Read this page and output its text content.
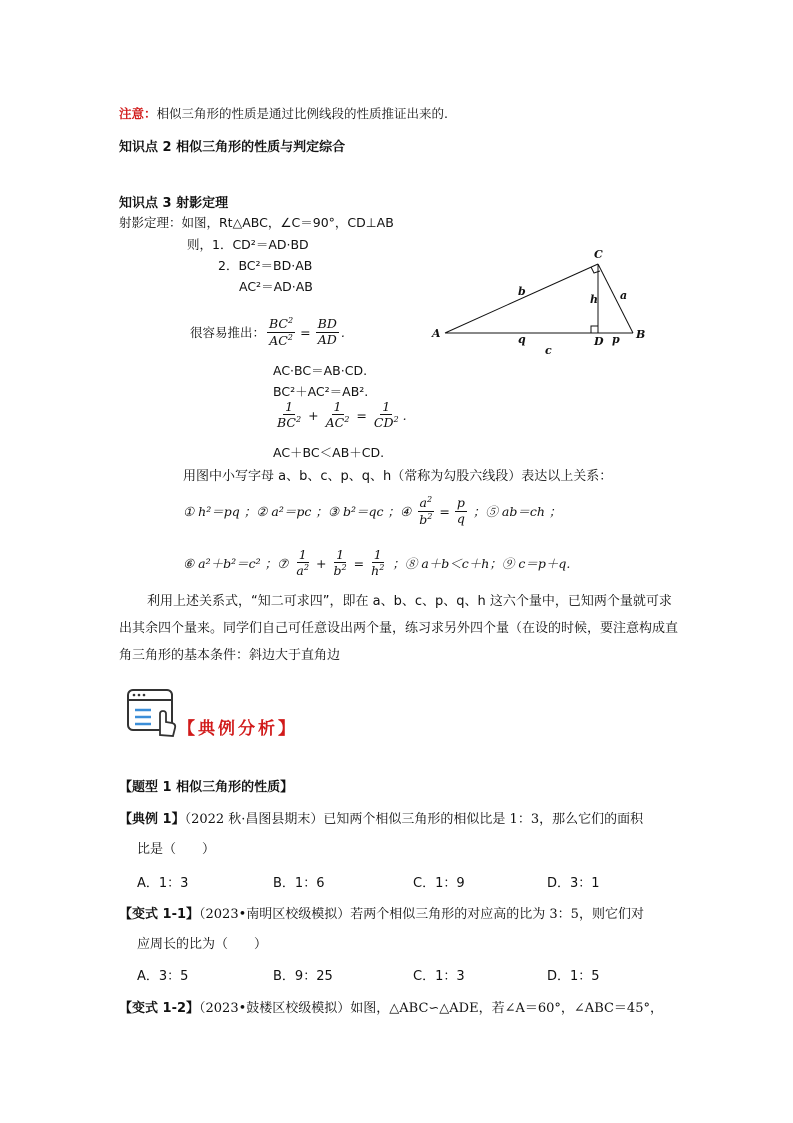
注意：相似三角形的性质是通过比例线段的性质推证出来的.
知识点 2 相似三角形的性质与判定综合
知识点 3 射影定理
射影定理：如图，Rt△ABC，∠C＝90°，CD⊥AB
则，1．CD²＝AD·BD
2．BC²＝BD·AB
AC²＝AD·AB
很容易推出： $\frac{BC^2}{AC^2} = \frac{BD}{AD}$ .
AC·BC＝AB·CD.
BC²＋AC²＝AB².
$\frac{1}{BC^2} + \frac{1}{AC^2} = \frac{1}{CD^2}$ .
AC＋BC＜AB＋CD.
A	B
C
D
a
b
c
h
p
q
用图中小写字母 a、b、c、p、q、h（常称为勾股六线段）表达以上关系：
① h²＝pq ；② a²＝pc ；③ b²＝qc ；④ $\frac{a^2}{b^2} = \frac{p}{q}$ ；⑤ ab＝ch ；
⑥ a²＋b²＝c² ；⑦ $\frac{1}{a^2} + \frac{1}{b^2} = \frac{1}{h^2}$ ；⑧ a＋b＜c＋h；⑨ c＝p＋q.
利用上述关系式，“知二可求四”，即在 a、b、c、p、q、h 这六个量中，已知两个量就可求出其余四个量来。同学们自己可任意设出两个量，练习求另外四个量（在设的时候，要注意构成直角三角形的基本条件：斜边大于直角边
【典例分析】
【题型 1 相似三角形的性质】
【典例 1】（2022 秋·昌图县期末）已知两个相似三角形的相似比是 1：3，那么它们的面积
比是（　　）
A．1：3	B．1：6	C．1：9	D．3：1
【变式 1-1】（2023•南明区校级模拟）若两个相似三角形的对应高的比为 3：5，则它们对
应周长的比为（　　）
A．3：5	B．9：25	C．1：3	D．1：5
【变式 1-2】（2023•鼓楼区校级模拟）如图，△ABC∽△ADE，若∠A＝60°，∠ABC＝45°，
